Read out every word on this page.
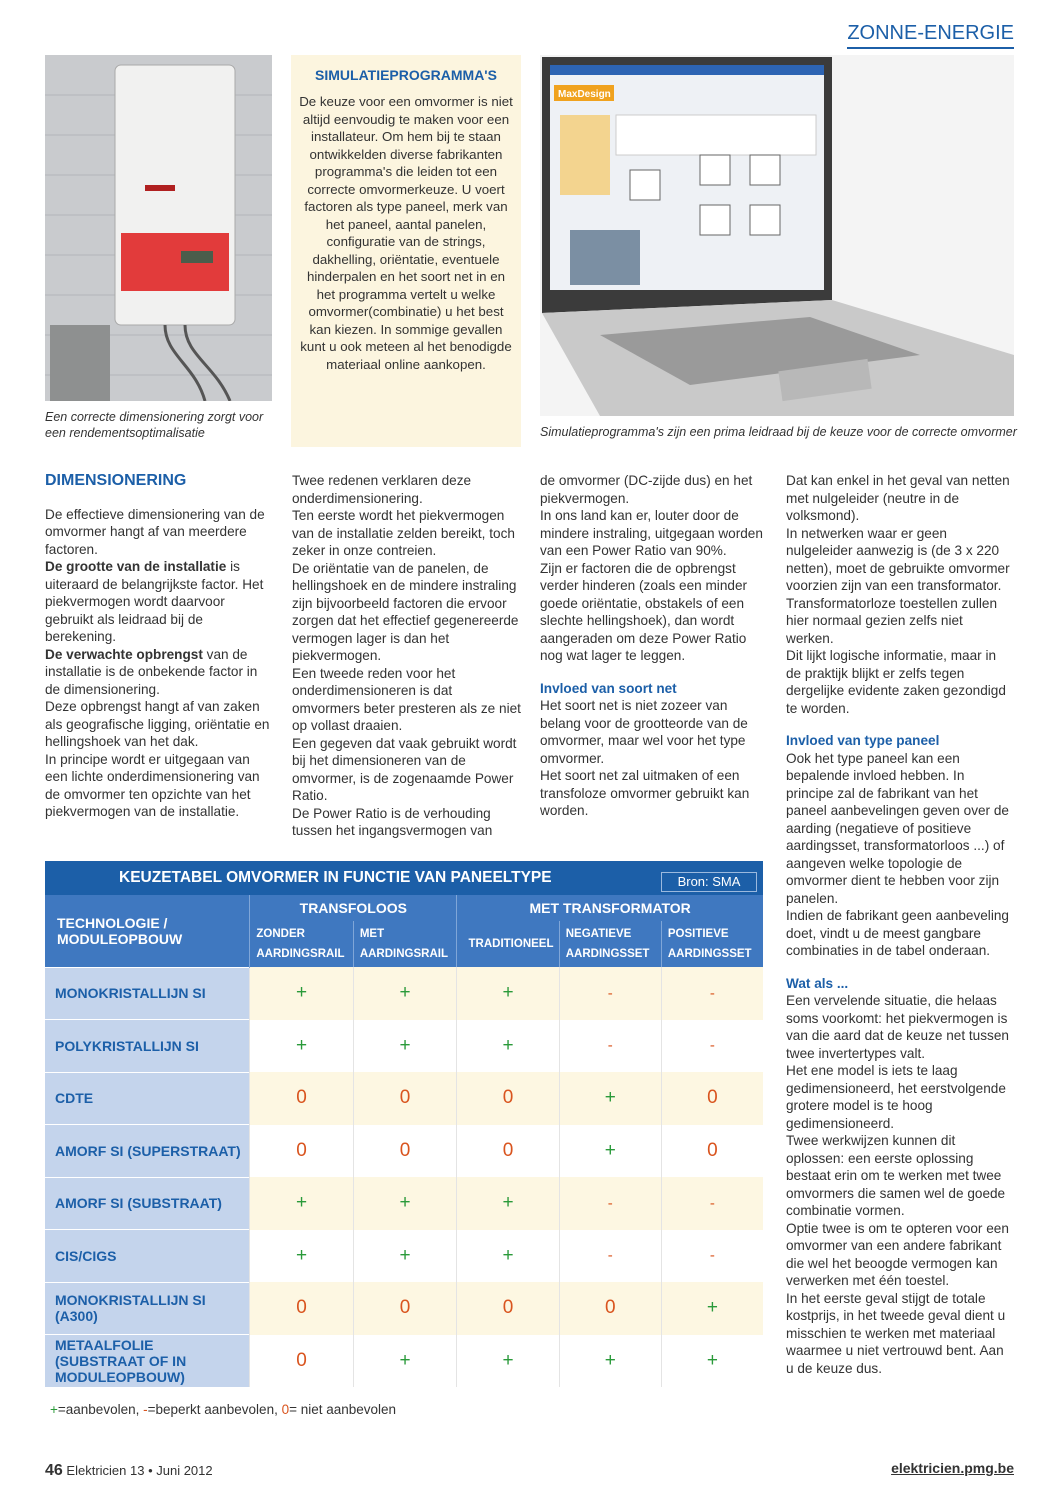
ZONNE-ENERGIE
Een correcte dimensionering zorgt voor een rendementsoptimalisatie
SIMULATIEPROGRAMMA'S

De keuze voor een omvormer is niet altijd eenvoudig te maken voor een installateur. Om hem bij te staan ontwikkelden diverse fabrikanten programma's die leiden tot een correcte omvormerkeuze. U voert factoren als type paneel, merk van het paneel, aantal panelen, configuratie van de strings, dakhelling, oriëntatie, eventuele hinderpalen en het soort net in en het programma vertelt u welke omvormer(combinatie) u het best kan kiezen. In sommige gevallen kunt u ook meteen al het benodigde materiaal online aankopen.

MaxDesign
Simulatieprogramma's zijn een prima leidraad bij de keuze voor de correcte omvormer
DIMENSIONERING

De effectieve dimensionering van de omvormer hangt af van meerdere factoren.

De grootte van de installatie is uiteraard de belangrijkste factor. Het piekvermogen wordt daarvoor gebruikt als leidraad bij de berekening.

De verwachte opbrengst van de installatie is de onbekende factor in de dimensionering.

Deze opbrengst hangt af van zaken als geografische ligging, oriëntatie en hellingshoek van het dak.

In principe wordt er uitgegaan van een lichte onderdimensionering van de omvormer ten opzichte van het piekvermogen van de installatie.

Twee redenen verklaren deze onderdimensionering.

Ten eerste wordt het piekvermogen van de installatie zelden bereikt, toch zeker in onze contreien.

De oriëntatie van de panelen, de hellingshoek en de mindere instraling zijn bijvoorbeeld factoren die ervoor zorgen dat het effectief gegenereerde vermogen lager is dan het piekvermogen.

Een tweede reden voor het onderdimensioneren is dat omvormers beter presteren als ze niet op vollast draaien.

Een gegeven dat vaak gebruikt wordt bij het dimensioneren van de omvormer, is de zogenaamde Power Ratio.

De Power Ratio is de verhouding tussen het ingangsvermogen van

de omvormer (DC-zijde dus) en het piekvermogen.

In ons land kan er, louter door de mindere instraling, uitgegaan worden van een Power Ratio van 90%.

Zijn er factoren die de opbrengst verder hinderen (zoals een minder goede oriëntatie, obstakels of een slechte hellingshoek), dan wordt aangeraden om deze Power Ratio nog wat lager te leggen.

Invloed van soort net

Het soort net is niet zozeer van belang voor de grootteorde van de omvormer, maar wel voor het type omvormer.

Het soort net zal uitmaken of een transfoloze omvormer gebruikt kan worden.

Dat kan enkel in het geval van netten met nulgeleider (neutre in de volksmond).

In netwerken waar er geen nulgeleider aanwezig is (de 3 x 220 netten), moet de gebruikte omvormer voorzien zijn van een transformator.

Transformatorloze toestellen zullen hier normaal gezien zelfs niet werken.

Dit lijkt logische informatie, maar in de praktijk blijkt er zelfs tegen dergelijke evidente zaken gezondigd te worden.

Invloed van type paneel

Ook het type paneel kan een bepalende invloed hebben. In principe zal de fabrikant van het paneel aanbevelingen geven over de aarding (negatieve of positieve aardingsset, transformatorloos ...) of aangeven welke topologie de omvormer dient te hebben voor zijn panelen.

Indien de fabrikant geen aanbeveling doet, vindt u de meest gangbare combinaties in de tabel onderaan.

Wat als ...

Een vervelende situatie, die helaas soms voorkomt: het piekvermogen is van die aard dat de keuze net tussen twee invertertypes valt.

Het ene model is iets te laag gedimensioneerd, het eerstvolgende grotere model is te hoog gedimensioneerd.

Twee werkwijzen kunnen dit oplossen: een eerste oplossing bestaat erin om te werken met twee omvormers die samen wel de goede combinatie vormen.

Optie twee is om te opteren voor een omvormer van een andere fabrikant die wel het beoogde vermogen kan verwerken met één toestel.

In het eerste geval stijgt de totale kostprijs, in het tweede geval dient u misschien te werken met materiaal waarmee u niet vertrouwd bent. Aan u de keuze dus.

KEUZETABEL OMVORMER IN FUNCTIE VAN PANEELTYPE Bron: SMA					

TECHNOLOGIE / MODULEOPBOUW	TRANSFOLOOS		MET TRANSFORMATOR		
	ZONDER AARDINGSRAIL	MET AARDINGSRAIL	TRADITIONEEL	NEGATIEVE AARDINGSSET	POSITIEVE AARDINGSSET
MONOKRISTALLIJN SI	+	+	+	-	-
POLYKRISTALLIJN SI	+	+	+	-	-
CDTE	0	0	0	+	0
AMORF SI (SUPERSTRAAT)	0	0	0	+	0
AMORF SI (SUBSTRAAT)	+	+	+	-	-
CIS/CIGS	+	+	+	-	-
MONOKRISTALLIJN SI (A300)	0	0	0	0	+
METAALFOLIE (SUBSTRAAT OF IN MODULEOPBOUW)	0	+	+	+	+
+=aanbevolen, -=beperkt aanbevolen, 0= niet aanbevolen
46 Elektricien 13 • Juni 2012	elektricien.pmg.be
